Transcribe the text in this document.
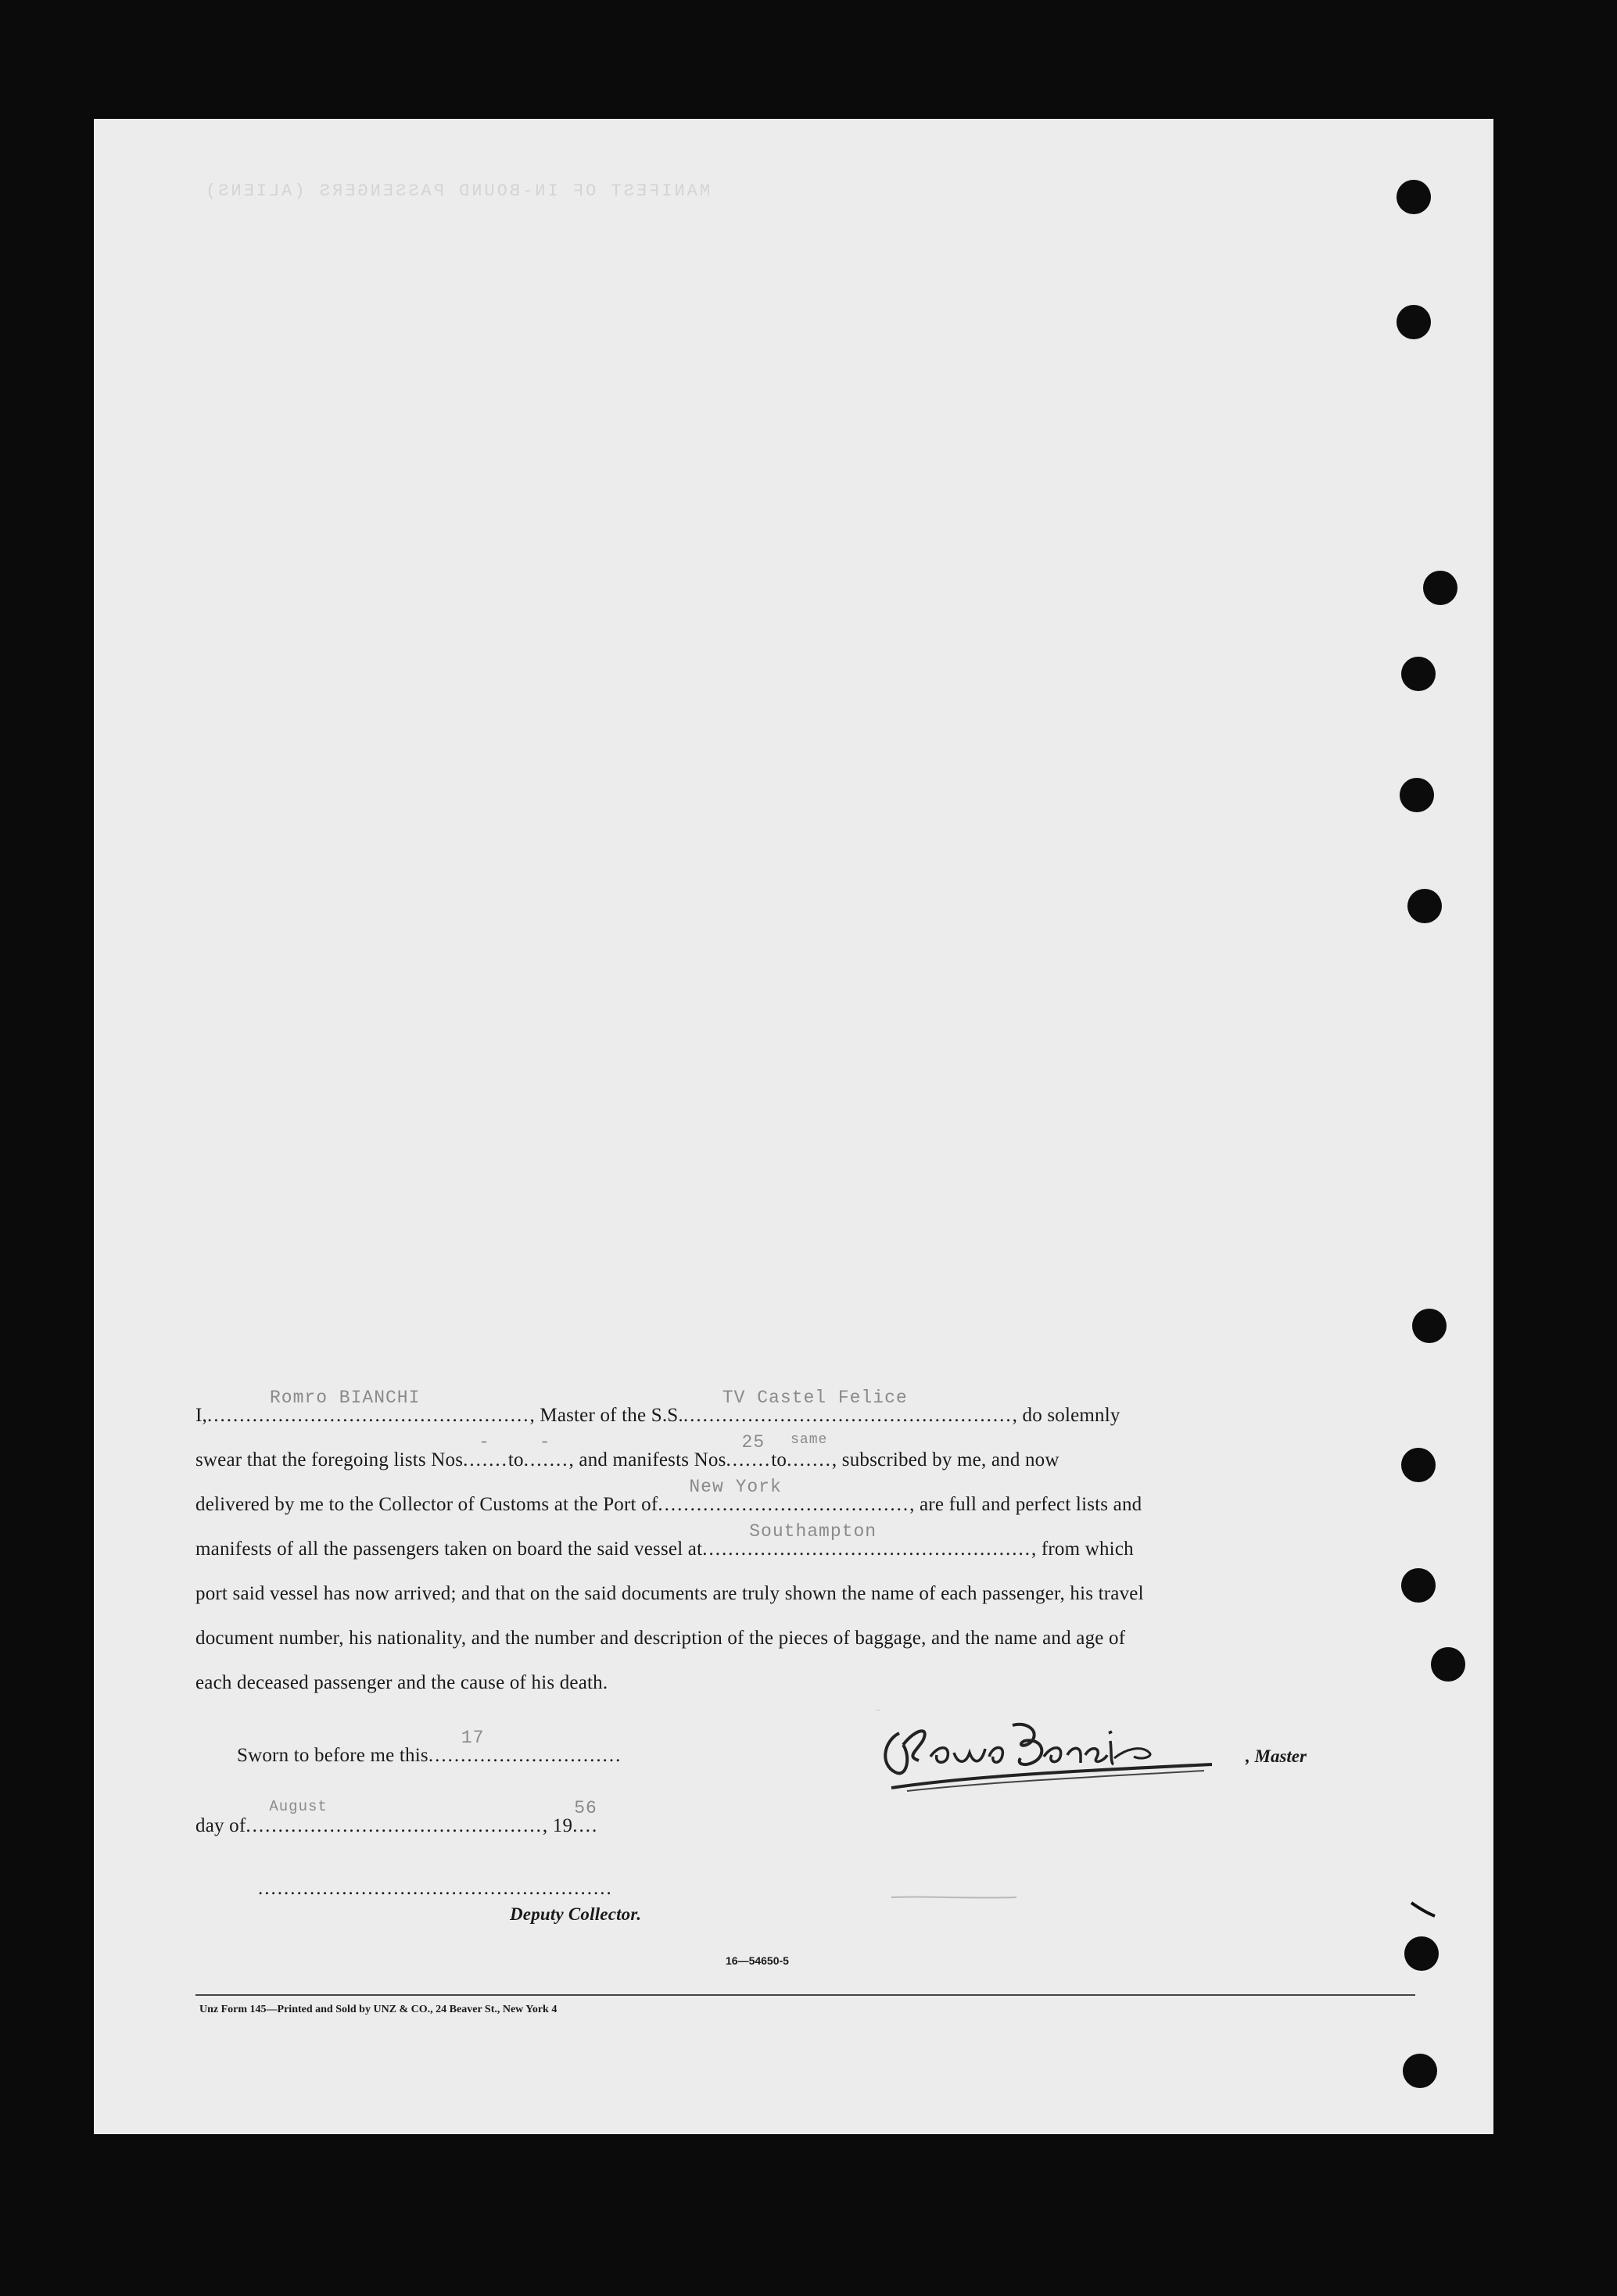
MANIFEST OF IN-BOUND PASSENGERS (ALIENS)
I,
Romro BIANCHI
.................................................., Master of the S.S.
TV Castel Felice
..................................................., do solemnly
swear that the foregoing lists Nos
-
.......to
-
......., and manifests Nos
25
.......to
same
......., subscribed by me, and now
delivered by me to the Collector of Customs at the Port of
New York
......................................., are full and perfect lists and
manifests of all the passengers taken on board the said vessel at
Southampton
..................................................., from which
port said vessel has now arrived; and that on the said documents are truly shown the name of each passenger, his travel
document number, his nationality, and the number and description of the pieces of baggage, and the name and age of
each deceased passenger and the cause of his death.
Sworn to before me this
17
..............................
day of
August
.............................................., 19
56
....
.......................................................
Deputy Collector.
, Master
16—54650-5
Unz Form 145—Printed and Sold by UNZ & CO., 24 Beaver St., New York 4
